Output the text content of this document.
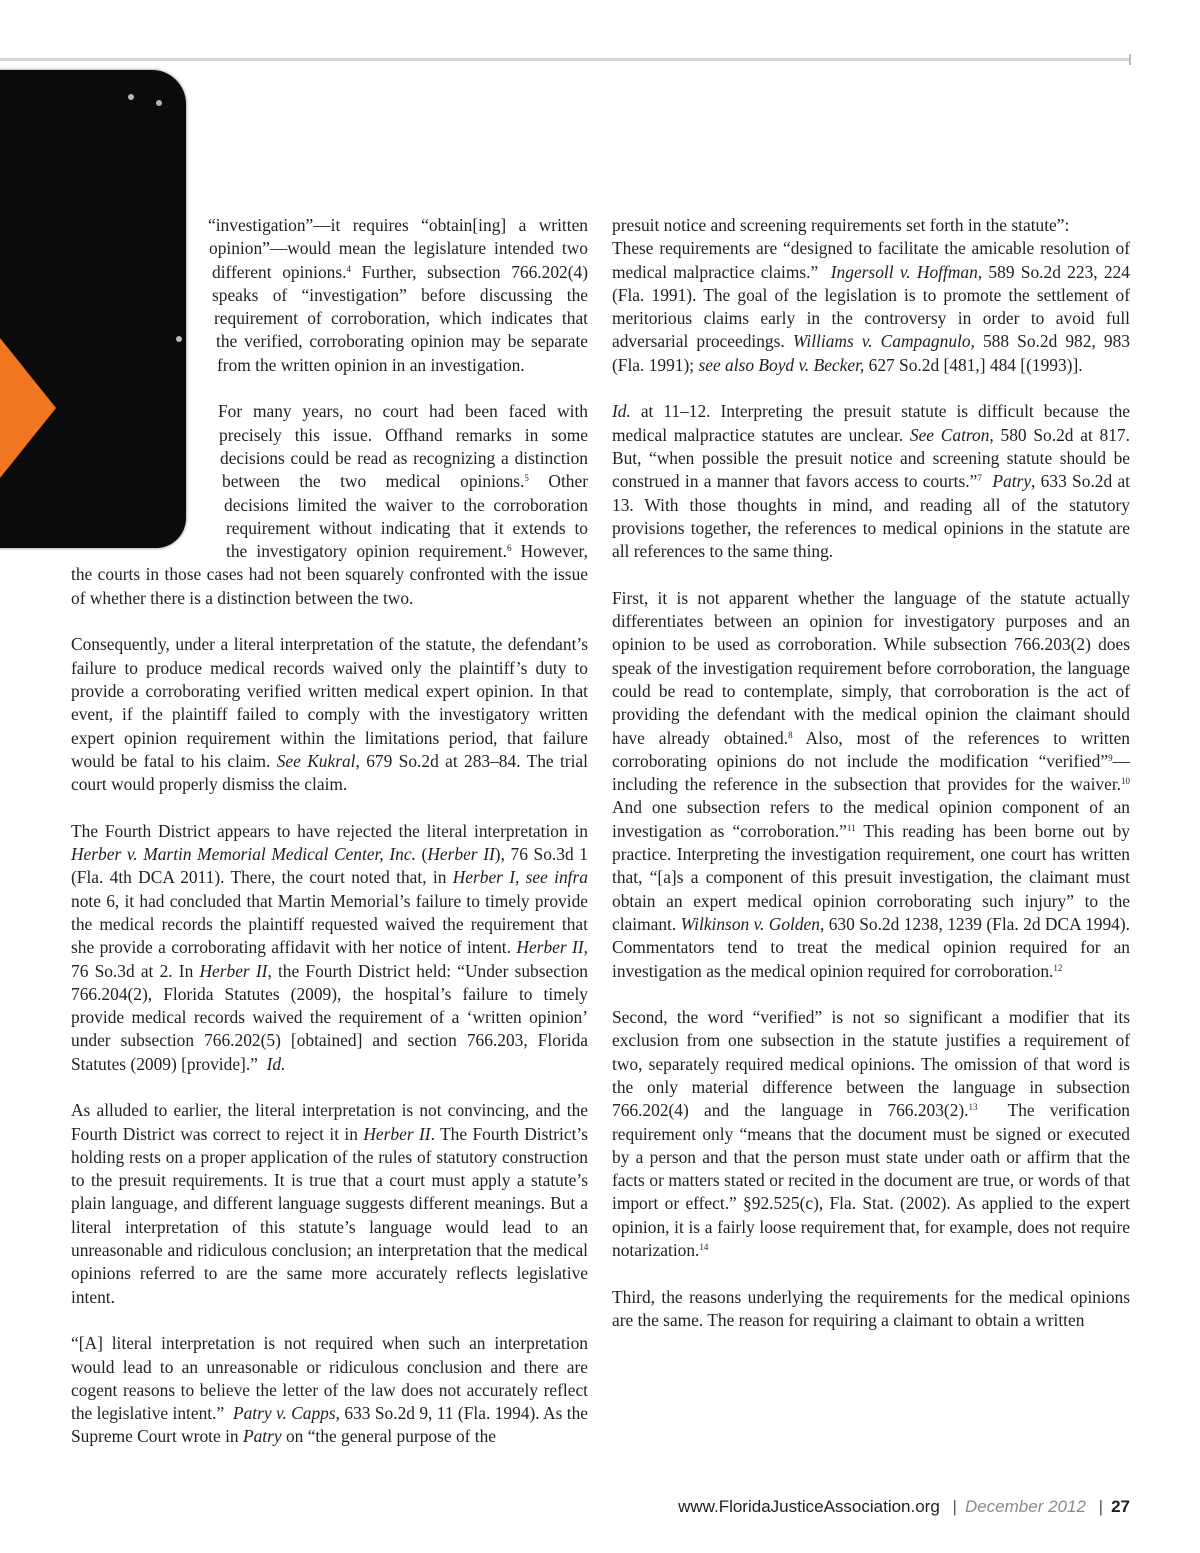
“investigation”—it requires “obtain[ing] a written
opinion”—would mean the legislature intended two
different opinions.$^4$ Further, subsection 766.202(4)
speaks of “investigation” before discussing the
requirement of corroboration, which indicates that
the verified, corroborating opinion may be separate
from the written opinion in an investigation.
For many years, no court had been faced with
precisely this issue. Offhand remarks in some
decisions could be read as recognizing a distinction
between the two medical opinions.$^5$ Other
decisions limited the waiver to the corroboration
requirement without indicating that it extends to
the investigatory opinion requirement.$^6$ However,

the courts in those cases had not been squarely confronted with the issue of whether there is a distinction between the two.

Consequently, under a literal interpretation of the statute, the defendant’s failure to produce medical records waived only the plaintiff’s duty to provide a corroborating verified written medical expert opinion. In that event, if the plaintiff failed to comply with the investigatory written expert opinion requirement within the limitations period, that failure would be fatal to his claim. See Kukral, 679 So.2d at 283–84. The trial court would properly dismiss the claim.

The Fourth District appears to have rejected the literal interpretation in Herber v. Martin Memorial Medical Center, Inc. (Herber II), 76 So.3d 1 (Fla. 4th DCA 2011). There, the court noted that, in Herber I, see infra note 6, it had concluded that Martin Memorial’s failure to timely provide the medical records the plaintiff requested waived the requirement that she provide a corroborating affidavit with her notice of intent. Herber II, 76 So.3d at 2. In Herber II, the Fourth District held: “Under subsection 766.204(2), Florida Statutes (2009), the hospital’s failure to timely provide medical records waived the requirement of a ‘written opinion’ under subsection 766.202(5) [obtained] and section 766.203, Florida Statutes (2009) [provide].” Id.

As alluded to earlier, the literal interpretation is not convincing, and the Fourth District was correct to reject it in Herber II. The Fourth District’s holding rests on a proper application of the rules of statutory construction to the presuit requirements. It is true that a court must apply a statute’s plain language, and different language suggests different meanings. But a literal interpretation of this statute’s language would lead to an unreasonable and ridiculous conclusion; an interpretation that the medical opinions referred to are the same more accurately reflects legislative intent.

“[A] literal interpretation is not required when such an interpretation would lead to an unreasonable or ridiculous conclusion and there are cogent reasons to believe the letter of the law does not accurately reflect the legislative intent.” Patry v. Capps, 633 So.2d 9, 11 (Fla. 1994). As the Supreme Court wrote in Patry on “the general purpose of the

presuit notice and screening requirements set forth in the statute”:

These requirements are “designed to facilitate the amicable resolution of medical malpractice claims.” Ingersoll v. Hoffman, 589 So.2d 223, 224 (Fla. 1991). The goal of the legislation is to promote the settlement of meritorious claims early in the controversy in order to avoid full adversarial proceedings. Williams v. Campagnulo, 588 So.2d 982, 983 (Fla. 1991); see also Boyd v. Becker, 627 So.2d [481,] 484 [(1993)].

Id. at 11–12. Interpreting the presuit statute is difficult because the medical malpractice statutes are unclear. See Catron, 580 So.2d at 817. But, “when possible the presuit notice and screening statute should be construed in a manner that favors access to courts.”$^7$ Patry, 633 So.2d at 13. With those thoughts in mind, and reading all of the statutory provisions together, the references to medical opinions in the statute are all references to the same thing.

First, it is not apparent whether the language of the statute actually differentiates between an opinion for investigatory purposes and an opinion to be used as corroboration. While subsection 766.203(2) does speak of the investigation requirement before corroboration, the language could be read to contemplate, simply, that corroboration is the act of providing the defendant with the medical opinion the claimant should have already obtained.$^8$ Also, most of the references to written corroborating opinions do not include the modification “verified”$^9$—including the reference in the subsection that provides for the waiver.$^{10}$ And one subsection refers to the medical opinion component of an investigation as “corroboration.”$^{11}$ This reading has been borne out by practice. Interpreting the investigation requirement, one court has written that, “[a]s a component of this presuit investigation, the claimant must obtain an expert medical opinion corroborating such injury” to the claimant. Wilkinson v. Golden, 630 So.2d 1238, 1239 (Fla. 2d DCA 1994). Commentators tend to treat the medical opinion required for an investigation as the medical opinion required for corroboration.$^{12}$

Second, the word “verified” is not so significant a modifier that its exclusion from one subsection in the statute justifies a requirement of two, separately required medical opinions. The omission of that word is the only material difference between the language in subsection 766.202(4) and the language in 766.203(2).$^{13}$ The verification requirement only “means that the document must be signed or executed by a person and that the person must state under oath or affirm that the facts or matters stated or recited in the document are true, or words of that import or effect.” §92.525(c), Fla. Stat. (2002). As applied to the expert opinion, it is a fairly loose requirement that, for example, does not require notarization.$^{14}$

Third, the reasons underlying the requirements for the medical opinions are the same. The reason for requiring a claimant to obtain a written

www.FloridaJusticeAssociation.org | December 2012 | 27
